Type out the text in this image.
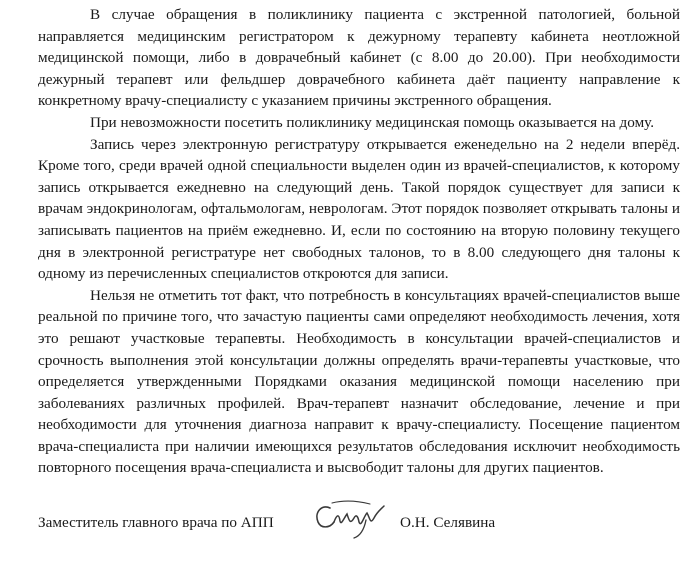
В случае обращения в поликлинику пациента с экстренной патологией, больной направляется медицинским регистратором к дежурному терапевту кабинета неотложной медицинской помощи, либо в доврачебный кабинет (с 8.00 до 20.00). При необходимости дежурный терапевт или фельдшер доврачебного кабинета даёт пациенту направление к конкретному врачу-специалисту с указанием причины экстренного обращения.

При невозможности посетить поликлинику медицинская помощь оказывается на дому.

Запись через электронную регистратуру открывается еженедельно на 2 недели вперёд. Кроме того, среди врачей одной специальности выделен один из врачей-специалистов, к которому запись открывается ежедневно на следующий день. Такой порядок существует для записи к врачам эндокринологам, офтальмологам, неврологам. Этот порядок позволяет открывать талоны и записывать пациентов на приём ежедневно. И, если по состоянию на вторую половину текущего дня в электронной регистратуре нет свободных талонов, то в 8.00 следующего дня талоны к одному из перечисленных специалистов откроются для записи.

Нельзя не отметить тот факт, что потребность в консультациях врачей-специалистов выше реальной по причине того, что зачастую пациенты сами определяют необходимость лечения, хотя это решают участковые терапевты. Необходимость в консультации врачей-специалистов и срочность выполнения этой консультации должны определять врачи-терапевты участковые, что определяется утвержденными Порядками оказания медицинской помощи населению при заболеваниях различных профилей. Врач-терапевт назначит обследование, лечение и при необходимости для уточнения диагноза направит к врачу-специалисту. Посещение пациентом врача-специалиста при наличии имеющихся результатов обследования исключит необходимость повторного посещения врача-специалиста и высвободит талоны для других пациентов.

Заместитель главного врача по АПП	О.Н. Селявина
